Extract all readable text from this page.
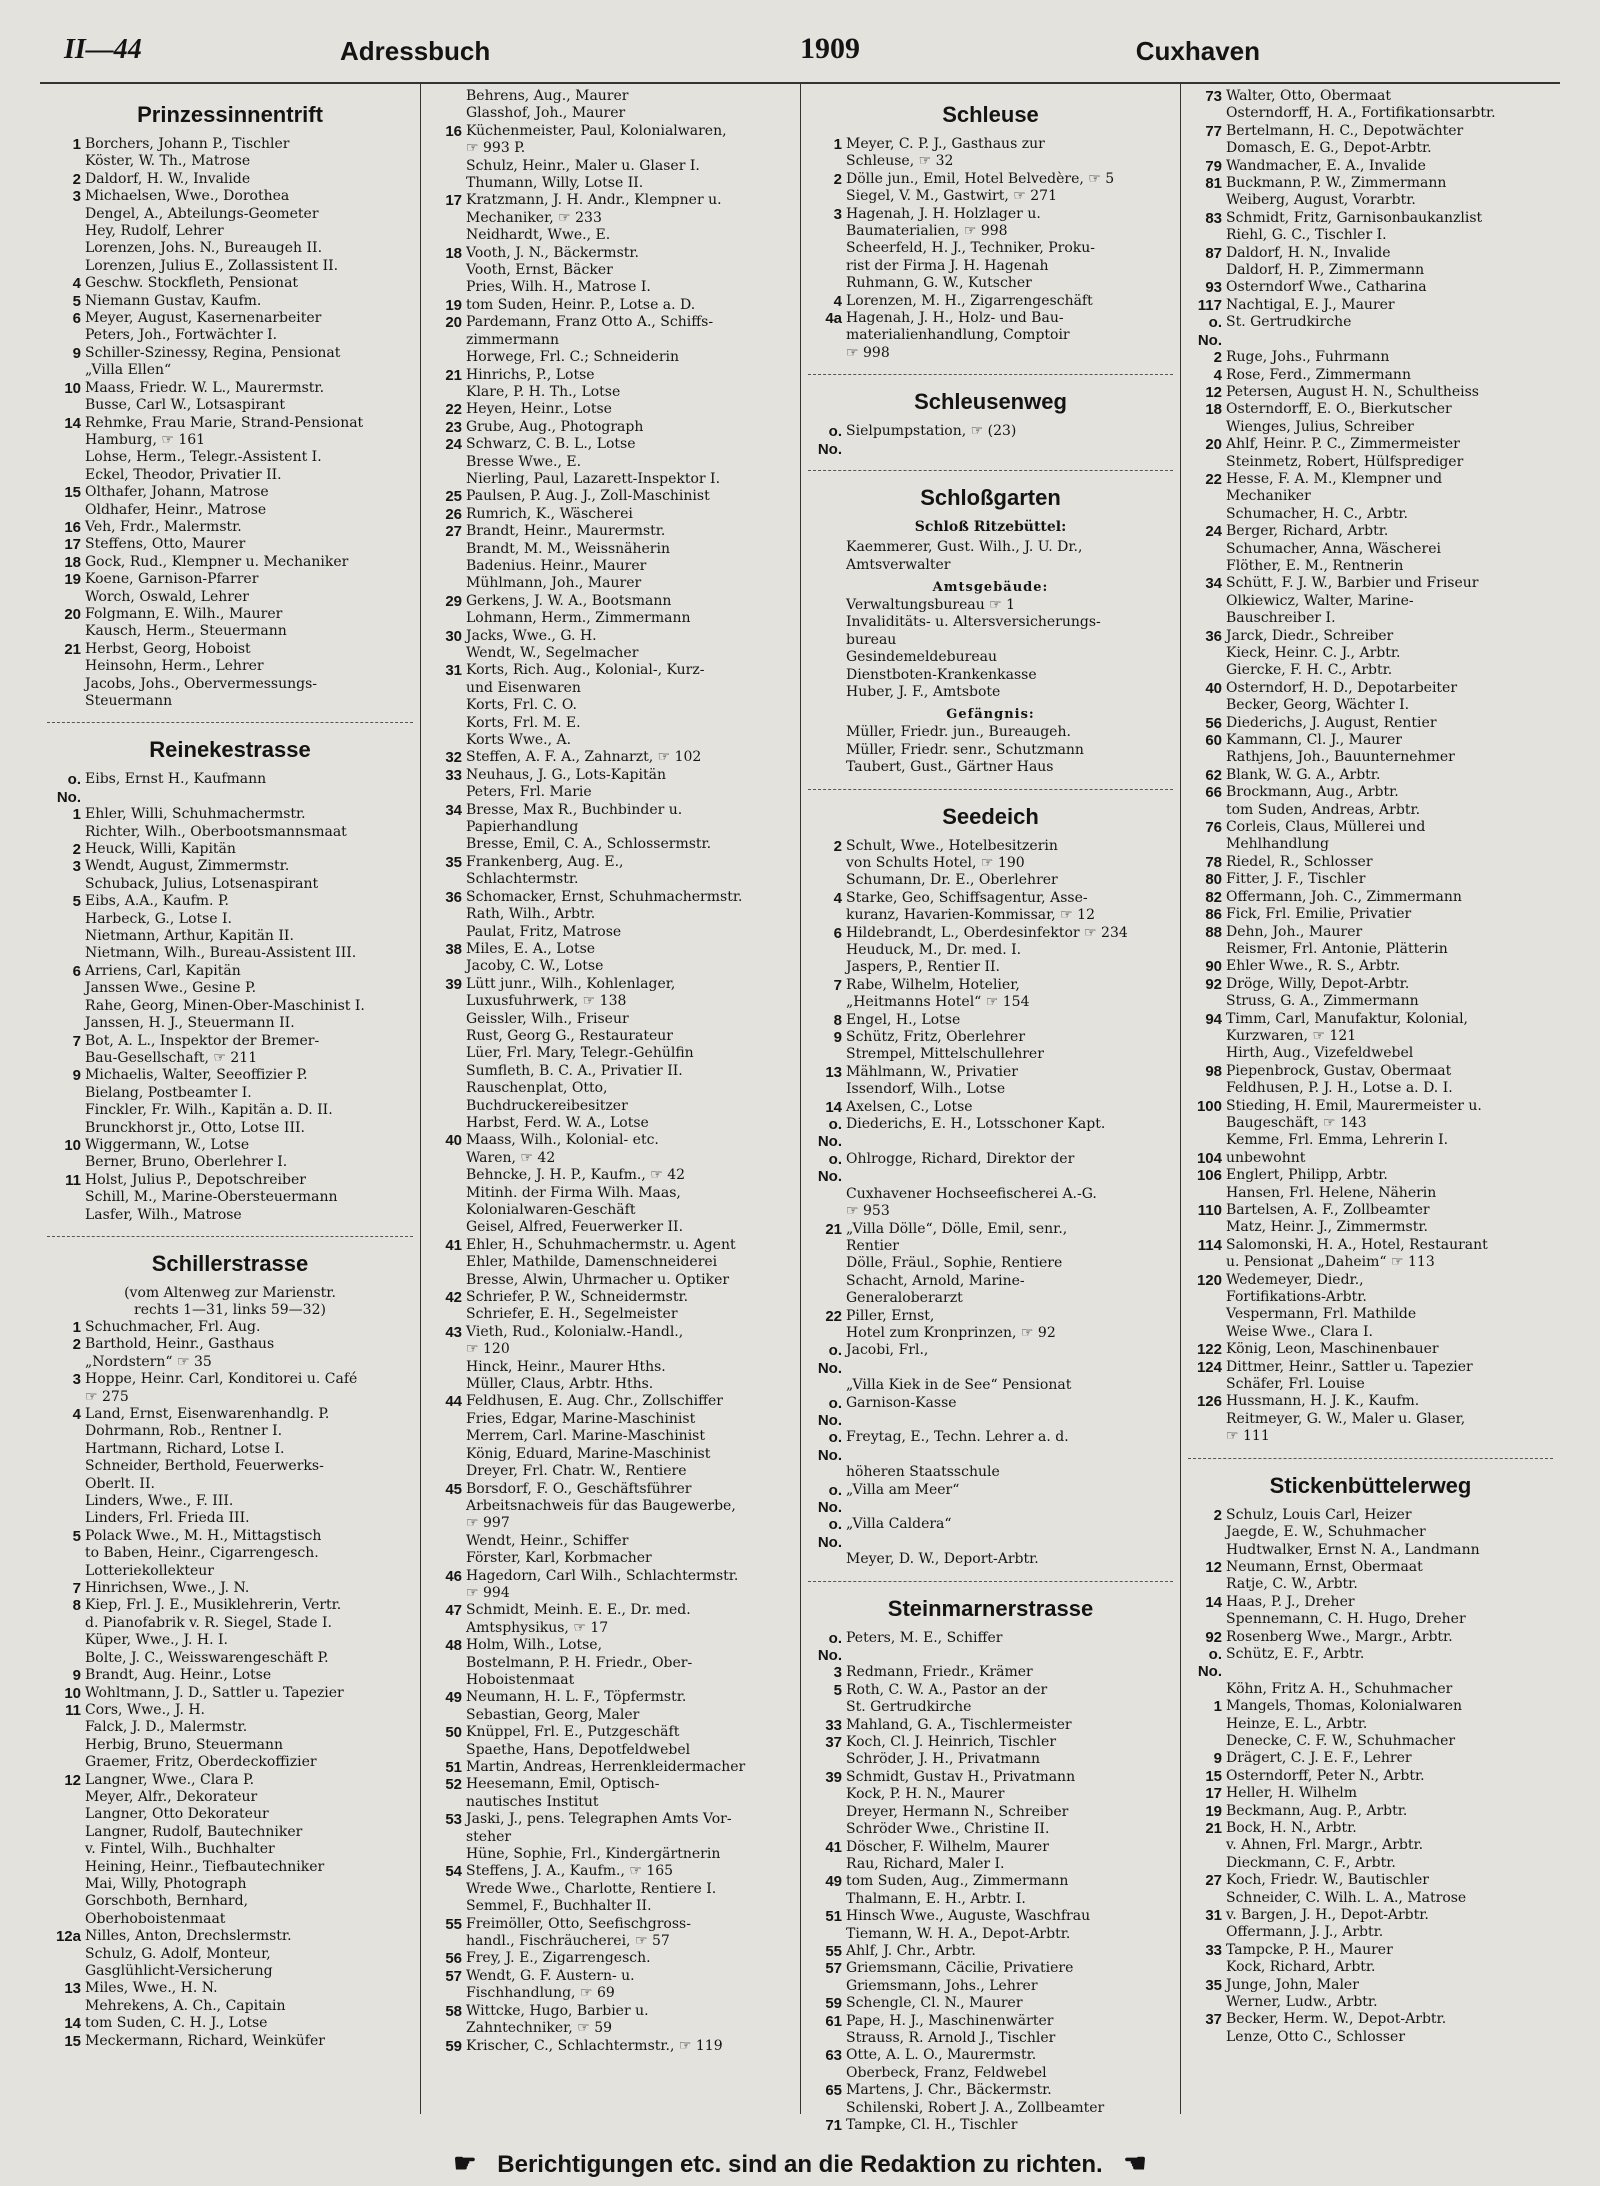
II—44	Adressbuch	1909	Cuxhaven
Prinzessinnentrift
1 Borchers, Johann P., Tischler
Köster, W. Th., Matrose
2 Daldorf, H. W., Invalide
3 Michaelsen, Wwe., Dorothea
Dengel, A., Abteilungs-Geometer
Hey, Rudolf, Lehrer
Lorenzen, Johs. N., Bureaugeh II.
Lorenzen, Julius E., Zollassistent II.
4 Geschw. Stockfleth, Pensionat
5 Niemann Gustav, Kaufm.
6 Meyer, August, Kasernenarbeiter
Peters, Joh., Fortwächter I.
9 Schiller-Szinessy, Regina, Pensionat
„Villa Ellen“
10 Maass, Friedr. W. L., Maurermstr.
Busse, Carl W., Lotsaspirant
14 Rehmke, Frau Marie, Strand-Pensionat
Hamburg, ☞ 161
Lohse, Herm., Telegr.-Assistent I.
Eckel, Theodor, Privatier II.
15 Olthafer, Johann, Matrose
Oldhafer, Heinr., Matrose
16 Veh, Frdr., Malermstr.
17 Steffens, Otto, Maurer
18 Gock, Rud., Klempner u. Mechaniker
19 Koene, Garnison-Pfarrer
Worch, Oswald, Lehrer
20 Folgmann, E. Wilh., Maurer
Kausch, Herm., Steuermann
21 Herbst, Georg, Hoboist
Heinsohn, Herm., Lehrer
Jacobs, Johs., Obervermessungs-
Steuermann
Reinekestrasse
o. No.
Eibs, Ernst H., Kaufmann
1 Ehler, Willi, Schuhmachermstr.
Richter, Wilh., Oberbootsmannsmaat
2 Heuck, Willi, Kapitän
3 Wendt, August, Zimmermstr.
Schuback, Julius, Lotsenaspirant
5 Eibs, A.A., Kaufm. P.
Harbeck, G., Lotse I.
Nietmann, Arthur, Kapitän II.
Nietmann, Wilh., Bureau-Assistent III.
6 Arriens, Carl, Kapitän
Janssen Wwe., Gesine P.
Rahe, Georg, Minen-Ober-Maschinist I.
Janssen, H. J., Steuermann II.
7 Bot, A. L., Inspektor der Bremer-
Bau-Gesellschaft, ☞ 211
9 Michaelis, Walter, Seeoffizier P.
Bielang, Postbeamter I.
Finckler, Fr. Wilh., Kapitän a. D. II.
Brunckhorst jr., Otto, Lotse III.
10 Wiggermann, W., Lotse
Berner, Bruno, Oberlehrer I.
11 Holst, Julius P., Depotschreiber
Schill, M., Marine-Obersteuermann
Lasfer, Wilh., Matrose
Schillerstrasse
(vom Altenweg zur Marienstr.
rechts 1—31, links 59—32)
1 Schuchmacher, Frl. Aug.
2 Barthold, Heinr., Gasthaus
„Nordstern“ ☞ 35
3 Hoppe, Heinr. Carl, Konditorei u. Café
☞ 275
4 Land, Ernst, Eisenwarenhandlg. P.
Dohrmann, Rob., Rentner I.
Hartmann, Richard, Lotse I.
Schneider, Berthold, Feuerwerks-
Oberlt. II.
Linders, Wwe., F. III.
Linders, Frl. Frieda III.
5 Polack Wwe., M. H., Mittagstisch
to Baben, Heinr., Cigarrengesch.
Lotteriekollekteur
7 Hinrichsen, Wwe., J. N.
8 Kiep, Frl. J. E., Musiklehrerin, Vertr.
d. Pianofabrik v. R. Siegel, Stade I.
Küper, Wwe., J. H. I.
Bolte, J. C., Weisswarengeschäft P.
9 Brandt, Aug. Heinr., Lotse
10 Wohltmann, J. D., Sattler u. Tapezier
11 Cors, Wwe., J. H.
Falck, J. D., Malermstr.
Herbig, Bruno, Steuermann
Graemer, Fritz, Oberdeckoffizier
12 Langner, Wwe., Clara P.
Meyer, Alfr., Dekorateur
Langner, Otto Dekorateur
Langner, Rudolf, Bautechniker
v. Fintel, Wilh., Buchhalter
Heining, Heinr., Tiefbautechniker
Mai, Willy, Photograph
Gorschboth, Bernhard,
Oberhoboistenmaat
12a Nilles, Anton, Drechslermstr.
Schulz, G. Adolf, Monteur,
Gasglühlicht-Versicherung
13 Miles, Wwe., H. N.
Mehrekens, A. Ch., Capitain
14 tom Suden, C. H. J., Lotse
15 Meckermann, Richard, Weinküfer
Behrens, Aug., Maurer
Glasshof, Joh., Maurer
16 Küchenmeister, Paul, Kolonialwaren,
☞ 993 P.
Schulz, Heinr., Maler u. Glaser I.
Thumann, Willy, Lotse II.
17 Kratzmann, J. H. Andr., Klempner u.
Mechaniker, ☞ 233
Neidhardt, Wwe., E.
18 Vooth, J. N., Bäckermstr.
Vooth, Ernst, Bäcker
Pries, Wilh. H., Matrose I.
19 tom Suden, Heinr. P., Lotse a. D.
20 Pardemann, Franz Otto A., Schiffs-
zimmermann
Horwege, Frl. C.; Schneiderin
21 Hinrichs, P., Lotse
Klare, P. H. Th., Lotse
22 Heyen, Heinr., Lotse
23 Grube, Aug., Photograph
24 Schwarz, C. B. L., Lotse
Bresse Wwe., E.
Nierling, Paul, Lazarett-Inspektor I.
25 Paulsen, P. Aug. J., Zoll-Maschinist
26 Rumrich, K., Wäscherei
27 Brandt, Heinr., Maurermstr.
Brandt, M. M., Weissnäherin
Badenius. Heinr., Maurer
Mühlmann, Joh., Maurer
29 Gerkens, J. W. A., Bootsmann
Lohmann, Herm., Zimmermann
30 Jacks, Wwe., G. H.
Wendt, W., Segelmacher
31 Korts, Rich. Aug., Kolonial-, Kurz-
und Eisenwaren
Korts, Frl. C. O.
Korts, Frl. M. E.
Korts Wwe., A.
32 Steffen, A. F. A., Zahnarzt, ☞ 102
33 Neuhaus, J. G., Lots-Kapitän
Peters, Frl. Marie
34 Bresse, Max R., Buchbinder u.
Papierhandlung
Bresse, Emil, C. A., Schlossermstr.
35 Frankenberg, Aug. E.,
Schlachtermstr.
36 Schomacker, Ernst, Schuhmachermstr.
Rath, Wilh., Arbtr.
Paulat, Fritz, Matrose
38 Miles, E. A., Lotse
Jacoby, C. W., Lotse
39 Lütt junr., Wilh., Kohlenlager,
Luxusfuhrwerk, ☞ 138
Geissler, Wilh., Friseur
Rust, Georg G., Restaurateur
Lüer, Frl. Mary, Telegr.-Gehülfin
Sumfleth, B. C. A., Privatier II.
Rauschenplat, Otto,
Buchdruckereibesitzer
Harbst, Ferd. W. A., Lotse
40 Maass, Wilh., Kolonial- etc.
Waren, ☞ 42
Behncke, J. H. P., Kaufm., ☞ 42
Mitinh. der Firma Wilh. Maas,
Kolonialwaren-Geschäft
Geisel, Alfred, Feuerwerker II.
41 Ehler, H., Schuhmachermstr. u. Agent
Ehler, Mathilde, Damenschneiderei
Bresse, Alwin, Uhrmacher u. Optiker
42 Schriefer, P. W., Schneidermstr.
Schriefer, E. H., Segelmeister
43 Vieth, Rud., Kolonialw.-Handl.,
☞ 120
Hinck, Heinr., Maurer Hths.
Müller, Claus, Arbtr. Hths.
44 Feldhusen, E. Aug. Chr., Zollschiffer
Fries, Edgar, Marine-Maschinist
Merrem, Carl. Marine-Maschinist
König, Eduard, Marine-Maschinist
Dreyer, Frl. Chatr. W., Rentiere
45 Borsdorf, F. O., Geschäftsführer
Arbeitsnachweis für das Baugewerbe,
☞ 997
Wendt, Heinr., Schiffer
Förster, Karl, Korbmacher
46 Hagedorn, Carl Wilh., Schlachtermstr.
☞ 994
47 Schmidt, Meinh. E. E., Dr. med.
Amtsphysikus, ☞ 17
48 Holm, Wilh., Lotse,
Bostelmann, P. H. Friedr., Ober-
Hoboistenmaat
49 Neumann, H. L. F., Töpfermstr.
Sebastian, Georg, Maler
50 Knüppel, Frl. E., Putzgeschäft
Spaethe, Hans, Depotfeldwebel
51 Martin, Andreas, Herrenkleidermacher
52 Heesemann, Emil, Optisch-
nautisches Institut
53 Jaski, J., pens. Telegraphen Amts Vor-
steher
Hüne, Sophie, Frl., Kindergärtnerin
54 Steffens, J. A., Kaufm., ☞ 165
Wrede Wwe., Charlotte, Rentiere I.
Semmel, F., Buchhalter II.
55 Freimöller, Otto, Seefischgross-
handl., Fischräucherei, ☞ 57
56 Frey, J. E., Zigarrengesch.
57 Wendt, G. F. Austern- u.
Fischhandlung, ☞ 69
58 Wittcke, Hugo, Barbier u.
Zahntechniker, ☞ 59
59 Krischer, C., Schlachtermstr., ☞ 119
Schleuse
1 Meyer, C. P. J., Gasthaus zur
Schleuse, ☞ 32
2 Dölle jun., Emil, Hotel Belvedère, ☞ 5
Siegel, V. M., Gastwirt, ☞ 271
3 Hagenah, J. H. Holzlager u.
Baumaterialien, ☞ 998
Scheerfeld, H. J., Techniker, Proku-
rist der Firma J. H. Hagenah
Ruhmann, G. W., Kutscher
4 Lorenzen, M. H., Zigarrengeschäft
4a Hagenah, J. H., Holz- und Bau-
materialienhandlung, Comptoir
☞ 998
Schleusenweg
o. No.
Sielpumpstation, ☞ (23)
Schloßgarten
Schloß Ritzebüttel:
Kaemmerer, Gust. Wilh., J. U. Dr.,
Amtsverwalter
Amtsgebäude:
Verwaltungsbureau ☞ 1
Invaliditäts- u. Altersversicherungs-
bureau
Gesindemeldebureau
Dienstboten-Krankenkasse
Huber, J. F., Amtsbote
Gefängnis:
Müller, Friedr. jun., Bureaugeh.
Müller, Friedr. senr., Schutzmann
Taubert, Gust., Gärtner Haus
Seedeich
2 Schult, Wwe., Hotelbesitzerin
von Schults Hotel, ☞ 190
Schumann, Dr. E., Oberlehrer
4 Starke, Geo, Schiffsagentur, Asse-
kuranz, Havarien-Kommissar, ☞ 12
6 Hildebrandt, L., Oberdesinfektor ☞ 234
Heuduck, M., Dr. med. I.
Jaspers, P., Rentier II.
7 Rabe, Wilhelm, Hotelier,
„Heitmanns Hotel“ ☞ 154
8 Engel, H., Lotse
9 Schütz, Fritz, Oberlehrer
Strempel, Mittelschullehrer
13 Mählmann, W., Privatier
Issendorf, Wilh., Lotse
14 Axelsen, C., Lotse
o. No.
Diederichs, E. H., Lotsschoner Kapt.
o. No.
Ohlrogge, Richard, Direktor der
Cuxhavener Hochseefischerei A.-G.
☞ 953
21 „Villa Dölle“, Dölle, Emil, senr.,
Rentier
Dölle, Fräul., Sophie, Rentiere
Schacht, Arnold, Marine-
Generaloberarzt
22 Piller, Ernst,
Hotel zum Kronprinzen, ☞ 92
o. No.
Jacobi, Frl.,
„Villa Kiek in de See“ Pensionat
o. No.
Garnison-Kasse
o. No.
Freytag, E., Techn. Lehrer a. d.
höheren Staatsschule
o. No.
„Villa am Meer“
o. No.
„Villa Caldera“
Meyer, D. W., Deport-Arbtr.
Steinmarnerstrasse
o. No.
Peters, M. E., Schiffer
3 Redmann, Friedr., Krämer
5 Roth, C. W. A., Pastor an der
St. Gertrudkirche
33 Mahland, G. A., Tischlermeister
37 Koch, Cl. J. Heinrich, Tischler
Schröder, J. H., Privatmann
39 Schmidt, Gustav H., Privatmann
Kock, P. H. N., Maurer
Dreyer, Hermann N., Schreiber
Schröder Wwe., Christine II.
41 Döscher, F. Wilhelm, Maurer
Rau, Richard, Maler I.
49 tom Suden, Aug., Zimmermann
Thalmann, E. H., Arbtr. I.
51 Hinsch Wwe., Auguste, Waschfrau
Tiemann, W. H. A., Depot-Arbtr.
55 Ahlf, J. Chr., Arbtr.
57 Griemsmann, Cäcilie, Privatiere
Griemsmann, Johs., Lehrer
59 Schengle, Cl. N., Maurer
61 Pape, H. J., Maschinenwärter
Strauss, R. Arnold J., Tischler
63 Otte, A. L. O., Maurermstr.
Oberbeck, Franz, Feldwebel
65 Martens, J. Chr., Bäckermstr.
Schilenski, Robert J. A., Zollbeamter
71 Tampke, Cl. H., Tischler
73 Walter, Otto, Obermaat
Osterndorff, H. A., Fortifikationsarbtr.
77 Bertelmann, H. C., Depotwächter
Domasch, E. G., Depot-Arbtr.
79 Wandmacher, E. A., Invalide
81 Buckmann, P. W., Zimmermann
Weiberg, August, Vorarbtr.
83 Schmidt, Fritz, Garnisonbaukanzlist
Riehl, G. C., Tischler I.
87 Daldorf, H. N., Invalide
Daldorf, H. P., Zimmermann
93 Osterndorf Wwe., Catharina
117 Nachtigal, E. J., Maurer
o. No.
St. Gertrudkirche
2 Ruge, Johs., Fuhrmann
4 Rose, Ferd., Zimmermann
12 Petersen, August H. N., Schultheiss
18 Osterndorff, E. O., Bierkutscher
Wienges, Julius, Schreiber
20 Ahlf, Heinr. P. C., Zimmermeister
Steinmetz, Robert, Hülfsprediger
22 Hesse, F. A. M., Klempner und
Mechaniker
Schumacher, H. C., Arbtr.
24 Berger, Richard, Arbtr.
Schumacher, Anna, Wäscherei
Flöther, E. M., Rentnerin
34 Schütt, F. J. W., Barbier und Friseur
Olkiewicz, Walter, Marine-
Bauschreiber I.
36 Jarck, Diedr., Schreiber
Kieck, Heinr. C. J., Arbtr.
Giercke, F. H. C., Arbtr.
40 Osterndorf, H. D., Depotarbeiter
Becker, Georg, Wächter I.
56 Diederichs, J. August, Rentier
60 Kammann, Cl. J., Maurer
Rathjens, Joh., Bauunternehmer
62 Blank, W. G. A., Arbtr.
66 Brockmann, Aug., Arbtr.
tom Suden, Andreas, Arbtr.
76 Corleis, Claus, Müllerei und
Mehlhandlung
78 Riedel, R., Schlosser
80 Fitter, J. F., Tischler
82 Offermann, Joh. C., Zimmermann
86 Fick, Frl. Emilie, Privatier
88 Dehn, Joh., Maurer
Reismer, Frl. Antonie, Plätterin
90 Ehler Wwe., R. S., Arbtr.
92 Dröge, Willy, Depot-Arbtr.
Struss, G. A., Zimmermann
94 Timm, Carl, Manufaktur, Kolonial,
Kurzwaren, ☞ 121
Hirth, Aug., Vizefeldwebel
98 Piepenbrock, Gustav, Obermaat
Feldhusen, P. J. H., Lotse a. D. I.
100 Stieding, H. Emil, Maurermeister u.
Baugeschäft, ☞ 143
Kemme, Frl. Emma, Lehrerin I.
104 unbewohnt
106 Englert, Philipp, Arbtr.
Hansen, Frl. Helene, Näherin
110 Bartelsen, A. F., Zollbeamter
Matz, Heinr. J., Zimmermstr.
114 Salomonski, H. A., Hotel, Restaurant
u. Pensionat „Daheim“ ☞ 113
120 Wedemeyer, Diedr.,
Fortifikations-Arbtr.
Vespermann, Frl. Mathilde
Weise Wwe., Clara I.
122 König, Leon, Maschinenbauer
124 Dittmer, Heinr., Sattler u. Tapezier
Schäfer, Frl. Louise
126 Hussmann, H. J. K., Kaufm.
Reitmeyer, G. W., Maler u. Glaser,
☞ 111
Stickenbüttelerweg
2 Schulz, Louis Carl, Heizer
Jaegde, E. W., Schuhmacher
Hudtwalker, Ernst N. A., Landmann
12 Neumann, Ernst, Obermaat
Ratje, C. W., Arbtr.
14 Haas, P. J., Dreher
Spennemann, C. H. Hugo, Dreher
92 Rosenberg Wwe., Margr., Arbtr.
o. No.
Schütz, E. F., Arbtr.
Köhn, Fritz A. H., Schuhmacher
1 Mangels, Thomas, Kolonialwaren
Heinze, E. L., Arbtr.
Denecke, C. F. W., Schuhmacher
9 Drägert, C. J. E. F., Lehrer
15 Osterndorff, Peter N., Arbtr.
17 Heller, H. Wilhelm
19 Beckmann, Aug. P., Arbtr.
21 Bock, H. N., Arbtr.
v. Ahnen, Frl. Margr., Arbtr.
Dieckmann, C. F., Arbtr.
27 Koch, Friedr. W., Bautischler
Schneider, C. Wilh. L. A., Matrose
31 v. Bargen, J. H., Depot-Arbtr.
Offermann, J. J., Arbtr.
33 Tampcke, P. H., Maurer
Kock, Richard, Arbtr.
35 Junge, John, Maler
Werner, Ludw., Arbtr.
37 Becker, Herm. W., Depot-Arbtr.
Lenze, Otto C., Schlosser
☛ Berichtigungen etc. sind an die Redaktion zu richten. ☚
